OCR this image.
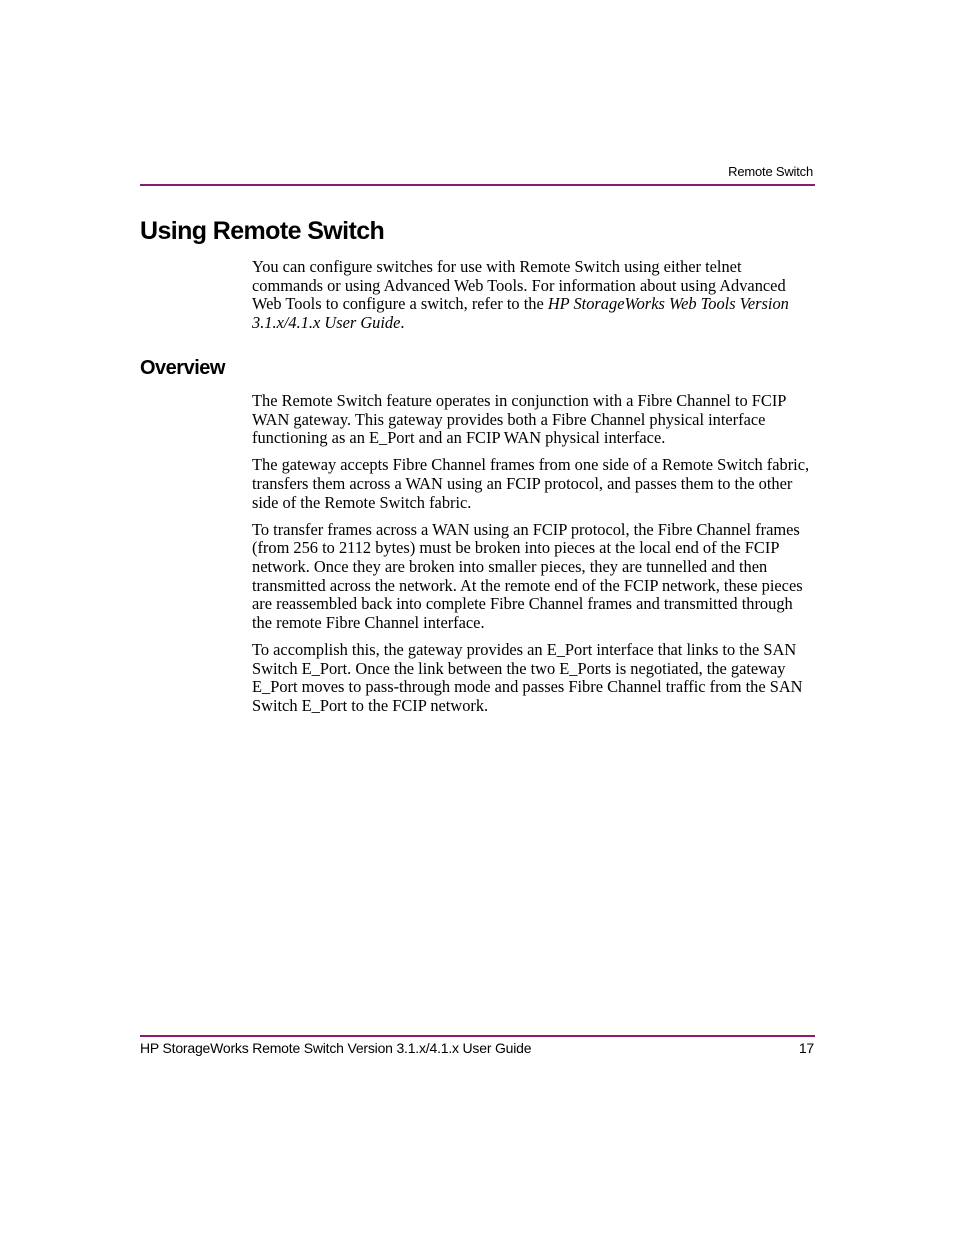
Remote Switch
Using Remote Switch

You can configure switches for use with Remote Switch using either telnet commands or using Advanced Web Tools. For information about using Advanced Web Tools to configure a switch, refer to the HP StorageWorks Web Tools Version 3.1.x/4.1.x User Guide.

Overview

The Remote Switch feature operates in conjunction with a Fibre Channel to FCIP WAN gateway. This gateway provides both a Fibre Channel physical interface functioning as an E_Port and an FCIP WAN physical interface.

The gateway accepts Fibre Channel frames from one side of a Remote Switch fabric, transfers them across a WAN using an FCIP protocol, and passes them to the other side of the Remote Switch fabric.

To transfer frames across a WAN using an FCIP protocol, the Fibre Channel frames (from 256 to 2112 bytes) must be broken into pieces at the local end of the FCIP network. Once they are broken into smaller pieces, they are tunnelled and then transmitted across the network. At the remote end of the FCIP network, these pieces are reassembled back into complete Fibre Channel frames and transmitted through the remote Fibre Channel interface.

To accomplish this, the gateway provides an E_Port interface that links to the SAN Switch E_Port. Once the link between the two E_Ports is negotiated, the gateway E_Port moves to pass-through mode and passes Fibre Channel traffic from the SAN Switch E_Port to the FCIP network.

HP StorageWorks Remote Switch Version 3.1.x/4.1.x User Guide	17
